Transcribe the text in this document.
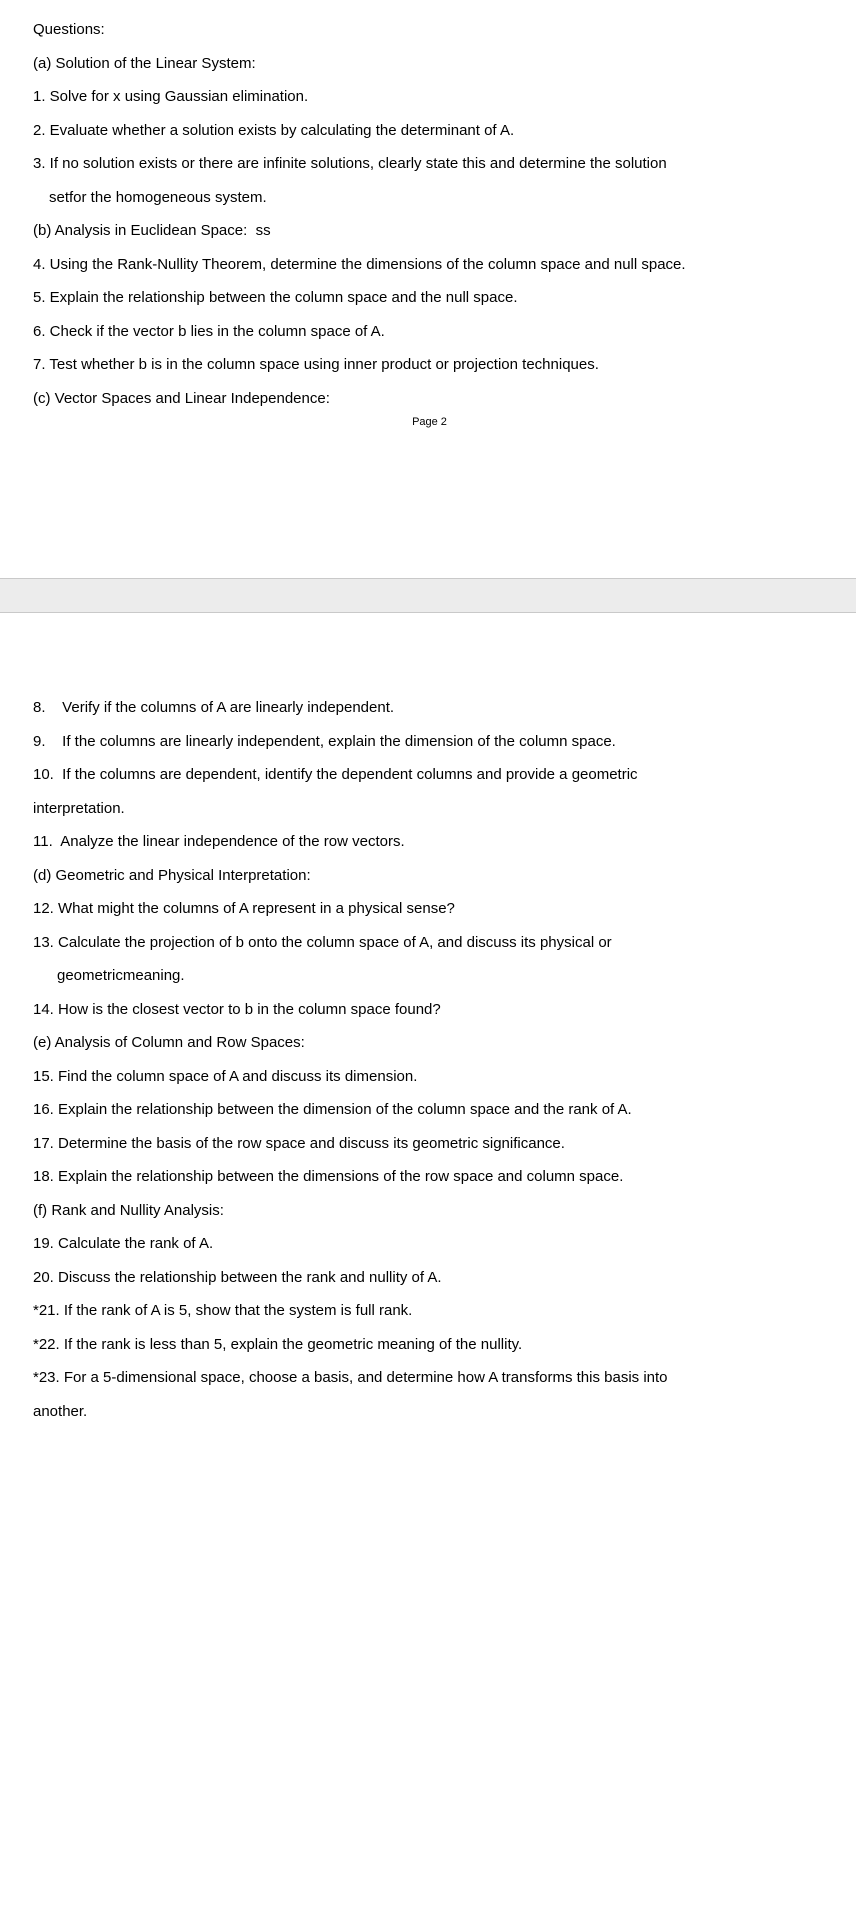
Questions:

(a) Solution of the Linear System:

1. Solve for x using Gaussian elimination.

2. Evaluate whether a solution exists by calculating the determinant of A.

3. If no solution exists or there are infinite solutions, clearly state this and determine the solution

setfor the homogeneous system.

(b) Analysis in Euclidean Space:  ss

4. Using the Rank-Nullity Theorem, determine the dimensions of the column space and null space.

5. Explain the relationship between the column space and the null space.

6. Check if the vector b lies in the column space of A.

7. Test whether b is in the column space using inner product or projection techniques.

(c) Vector Spaces and Linear Independence:

Page 2

8.    Verify if the columns of A are linearly independent.

9.    If the columns are linearly independent, explain the dimension of the column space.

10.  If the columns are dependent, identify the dependent columns and provide a geometric

interpretation.

11.  Analyze the linear independence of the row vectors.

(d) Geometric and Physical Interpretation:

12. What might the columns of A represent in a physical sense?

13. Calculate the projection of b onto the column space of A, and discuss its physical or

geometricmeaning.

14. How is the closest vector to b in the column space found?

(e) Analysis of Column and Row Spaces:

15. Find the column space of A and discuss its dimension.

16. Explain the relationship between the dimension of the column space and the rank of A.

17. Determine the basis of the row space and discuss its geometric significance.

18. Explain the relationship between the dimensions of the row space and column space.

(f) Rank and Nullity Analysis:

19. Calculate the rank of A.

20. Discuss the relationship between the rank and nullity of A.

*21. If the rank of A is 5, show that the system is full rank.

*22. If the rank is less than 5, explain the geometric meaning of the nullity.

*23. For a 5-dimensional space, choose a basis, and determine how A transforms this basis into

another.
